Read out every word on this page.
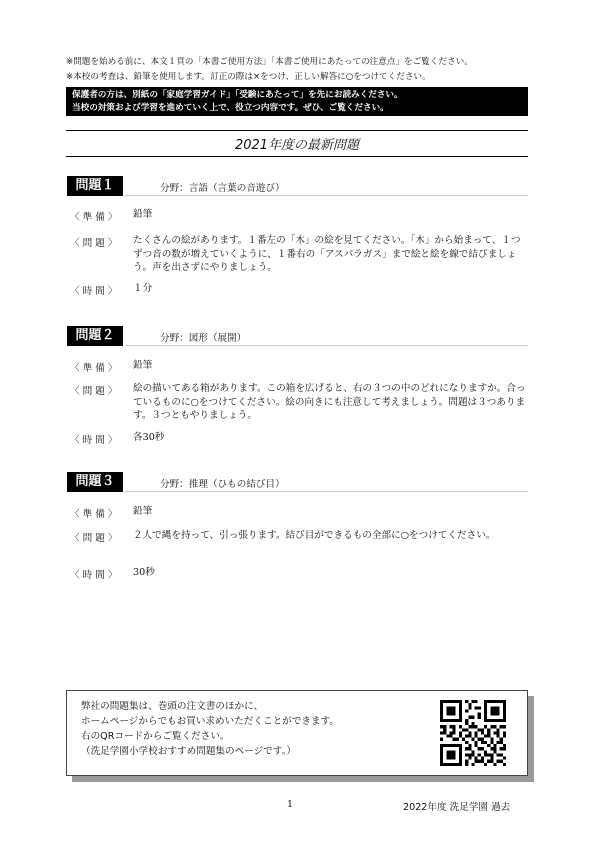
※問題を始める前に、本文１頁の「本書ご使用方法」「本書ご使用にあたっての注意点」をご覧ください。
※本校の考査は、鉛筆を使用します。訂正の際は×をつけ、正しい解答に○をつけてください。
保護者の方は、別紙の「家庭学習ガイド」「受験にあたって」を先にお読みください。
当校の対策および学習を進めていく上で、役立つ内容です。ぜひ、ご覧ください。
2021年度の最新問題
問題１	分野：言語（言葉の音遊び）
〈 準 備 〉 鉛筆
〈 問 題 〉 たくさんの絵があります。１番左の「木」の絵を見てください。「木」から始まって、１つずつ音の数が増えていくように、１番右の「アスパラガス」まで絵と絵を線で結びましょう。声を出さずにやりましょう。
〈 時 間 〉 １分
問題２	分野：図形（展開）
〈 準 備 〉 鉛筆
〈 問 題 〉 絵の描いてある箱があります。この箱を広げると、右の３つの中のどれになりますか。合っているものに○をつけてください。絵の向きにも注意して考えましょう。問題は３つあります。３つともやりましょう。
〈 時 間 〉 各30秒
問題３	分野：推理（ひもの結び目）
〈 準 備 〉 鉛筆
〈 問 題 〉 ２人で縄を持って、引っ張ります。結び目ができるもの全部に○をつけてください。
〈 時 間 〉 30秒
弊社の問題集は、巻頭の注文書のほかに、
ホームページからでもお買い求めいただくことができます。
右のQRコードからご覧ください。
（洗足学園小学校おすすめ問題集のページです。）
1	2022年度 洗足学園 過去
